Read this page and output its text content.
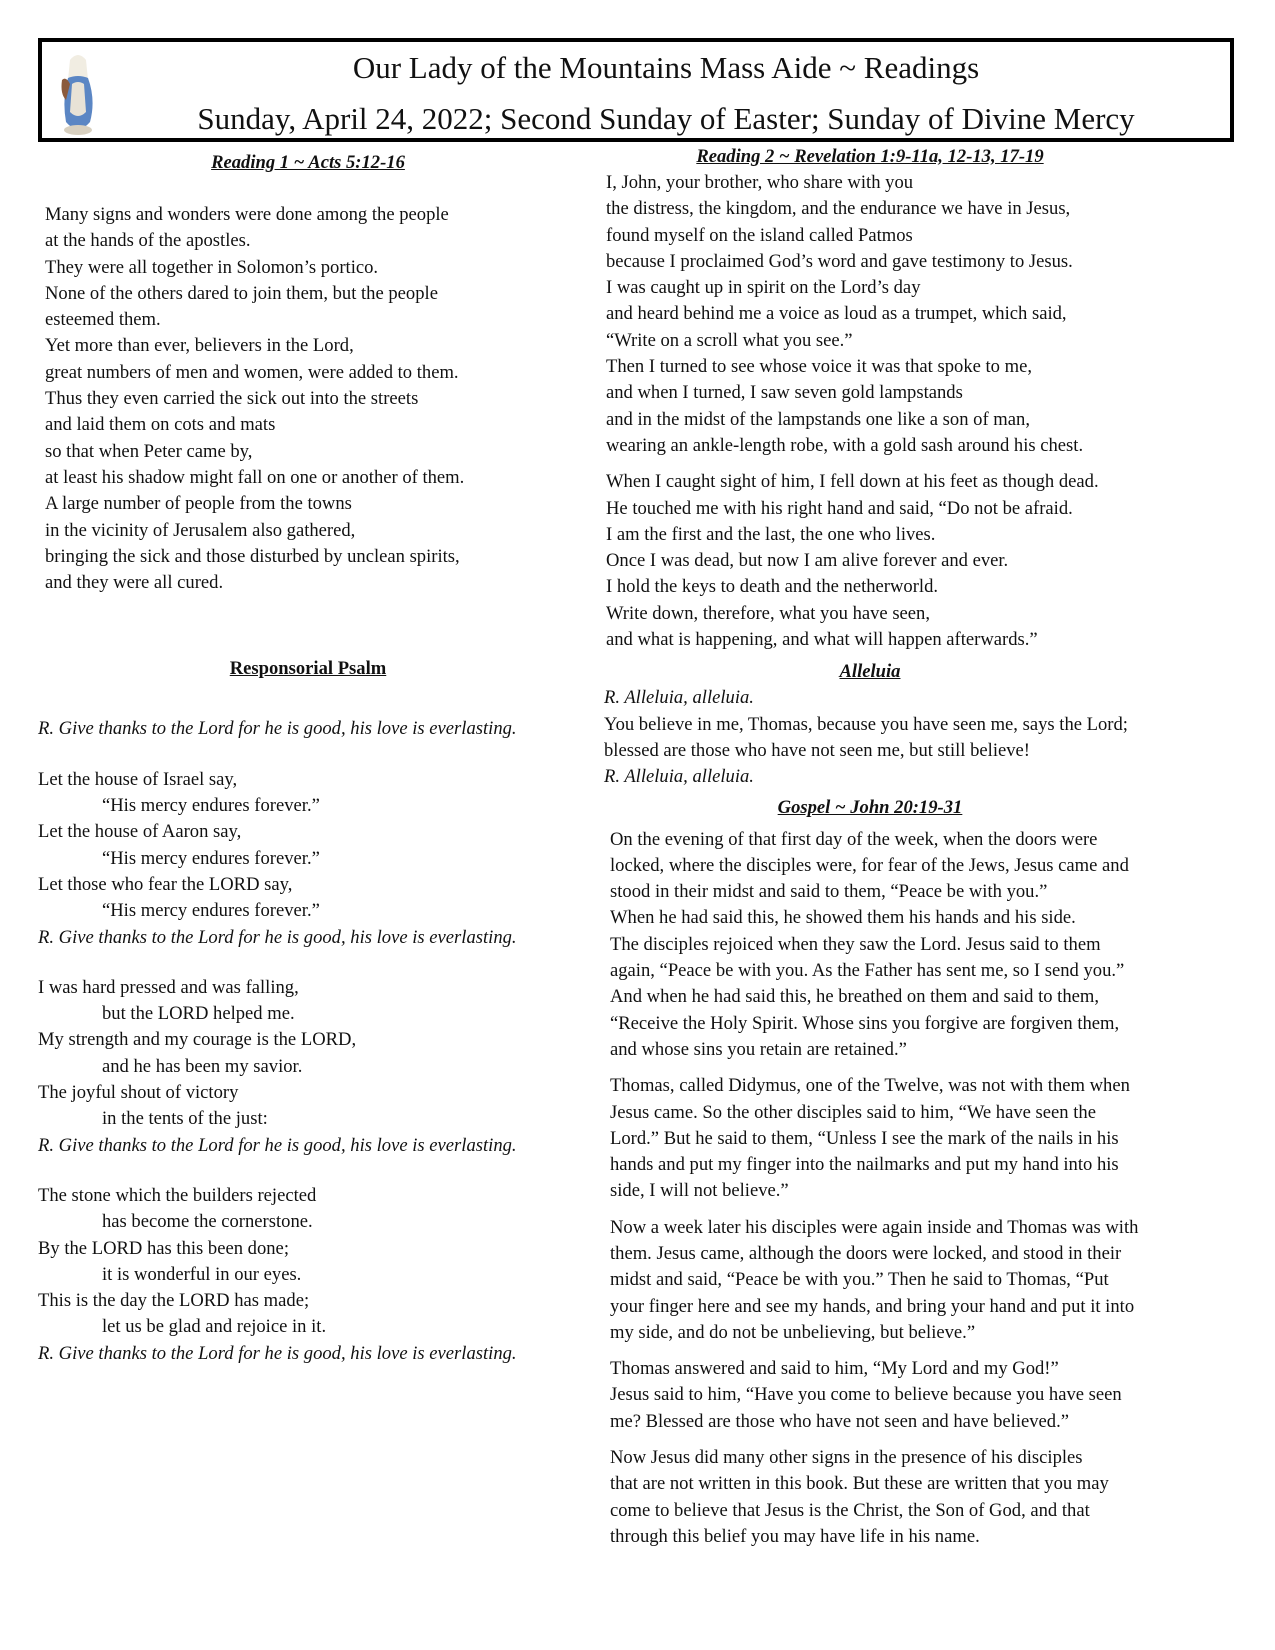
Our Lady of the Mountains Mass Aide ~ Readings
Sunday, April 24, 2022; Second Sunday of Easter; Sunday of Divine Mercy
Reading 1 ~ Acts 5:12-16
Many signs and wonders were done among the people
at the hands of the apostles.
They were all together in Solomon’s portico.
None of the others dared to join them, but the people
esteemed them.
Yet more than ever, believers in the Lord,
great numbers of men and women, were added to them.
Thus they even carried the sick out into the streets
and laid them on cots and mats
so that when Peter came by,
at least his shadow might fall on one or another of them.
A large number of people from the towns
in the vicinity of Jerusalem also gathered,
bringing the sick and those disturbed by unclean spirits,
and they were all cured.
Responsorial Psalm
R. Give thanks to the Lord for he is good, his love is everlasting.
Let the house of Israel say,
“His mercy endures forever.”
Let the house of Aaron say,
“His mercy endures forever.”
Let those who fear the LORD say,
“His mercy endures forever.”
R. Give thanks to the Lord for he is good, his love is everlasting.
I was hard pressed and was falling,
but the LORD helped me.
My strength and my courage is the LORD,
and he has been my savior.
The joyful shout of victory
in the tents of the just:
R. Give thanks to the Lord for he is good, his love is everlasting.
The stone which the builders rejected
has become the cornerstone.
By the LORD has this been done;
it is wonderful in our eyes.
This is the day the LORD has made;
let us be glad and rejoice in it.
R. Give thanks to the Lord for he is good, his love is everlasting.
Reading 2 ~ Revelation 1:9-11a, 12-13, 17-19
I, John, your brother, who share with you
the distress, the kingdom, and the endurance we have in Jesus,
found myself on the island called Patmos
because I proclaimed God’s word and gave testimony to Jesus.
I was caught up in spirit on the Lord’s day
and heard behind me a voice as loud as a trumpet, which said,
“Write on a scroll what you see.”
Then I turned to see whose voice it was that spoke to me,
and when I turned, I saw seven gold lampstands
and in the midst of the lampstands one like a son of man,
wearing an ankle-length robe, with a gold sash around his chest.
When I caught sight of him, I fell down at his feet as though dead.
He touched me with his right hand and said, “Do not be afraid.
I am the first and the last, the one who lives.
Once I was dead, but now I am alive forever and ever.
I hold the keys to death and the netherworld.
Write down, therefore, what you have seen,
and what is happening, and what will happen afterwards.”
Alleluia
R. Alleluia, alleluia.
You believe in me, Thomas, because you have seen me, says the Lord;
blessed are those who have not seen me, but still believe!
R. Alleluia, alleluia.
Gospel ~ John 20:19-31
On the evening of that first day of the week, when the doors were
locked, where the disciples were, for fear of the Jews, Jesus came and
stood in their midst and said to them, “Peace be with you.”
When he had said this, he showed them his hands and his side.
The disciples rejoiced when they saw the Lord. Jesus said to them
again, “Peace be with you. As the Father has sent me, so I send you.”
And when he had said this, he breathed on them and said to them,
“Receive the Holy Spirit. Whose sins you forgive are forgiven them,
and whose sins you retain are retained.”
Thomas, called Didymus, one of the Twelve, was not with them when
Jesus came. So the other disciples said to him, “We have seen the
Lord.” But he said to them, “Unless I see the mark of the nails in his
hands and put my finger into the nailmarks and put my hand into his
side, I will not believe.”
Now a week later his disciples were again inside and Thomas was with
them. Jesus came, although the doors were locked, and stood in their
midst and said, “Peace be with you.” Then he said to Thomas, “Put
your finger here and see my hands, and bring your hand and put it into
my side, and do not be unbelieving, but believe.”
Thomas answered and said to him, “My Lord and my God!”
Jesus said to him, “Have you come to believe because you have seen
me? Blessed are those who have not seen and have believed.”
Now Jesus did many other signs in the presence of his disciples
that are not written in this book. But these are written that you may
come to believe that Jesus is the Christ, the Son of God, and that
through this belief you may have life in his name.
